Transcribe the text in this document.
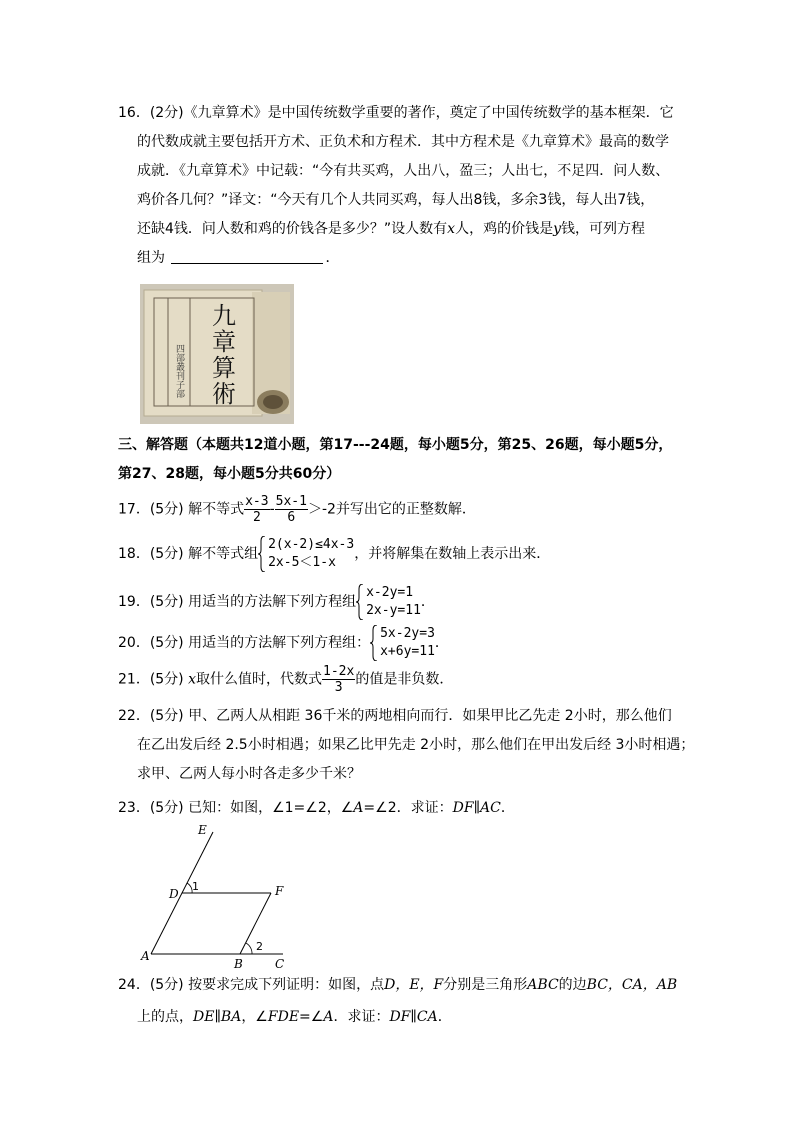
16．(2分)《九章算术》是中国传统数学重要的著作，奠定了中国传统数学的基本框架．它
的代数成就主要包括开方术、正负术和方程术．其中方程术是《九章算术》最高的数学
成就．《九章算术》中记载：“今有共买鸡，人出八，盈三；人出七，不足四．问人数、
鸡价各几何？”译文：“今天有几个人共同买鸡，每人出8钱，多余3钱，每人出7钱，
还缺4钱．问人数和鸡的价钱各是多少？”设人数有x人，鸡的价钱是y钱，可列方程
组为	．
四部叢刊子部
九
章
算
術
三、解答题（本题共12道小题，第17---24题，每小题5分，第25、26题，每小题5分，
第27、28题，每小题5分共60分）
17．(5分) 解不等式 $\frac{x-3}{2} - \frac{5x-1}{6} >-2$并写出它的正整数解．
18．(5分) 解不等式组
2(x-2)≤4x-3
2x-5＜1-x
，并将解集在数轴上表示出来．
19．(5分) 用适当的方法解下列方程组
x-2y=1
2x-y=11
．
20．(5分) 用适当的方法解下列方程组：
5x-2y=3
x+6y=11
．
21．(5分) x取什么值时，代数式 $\frac{1-2x}{3}$ 的值是非负数．
22．(5分) 甲、乙两人从相距 36千米的两地相向而行．如果甲比乙先走 2小时，那么他们
在乙出发后经 2.5小时相遇；如果乙比甲先走 2小时，那么他们在甲出发后经 3小时相遇；
求甲、乙两人每小时各走多少千米？
23．(5分) 已知：如图，∠1=∠2，∠A=∠2．求证：DF∥AC．
E
D
1	F
A
B
2
C
24．(5分) 按要求完成下列证明：如图，点D，E，F分别是三角形ABC的边BC，CA，AB
上的点，DE∥BA，∠FDE=∠A．求证：DF∥CA．
